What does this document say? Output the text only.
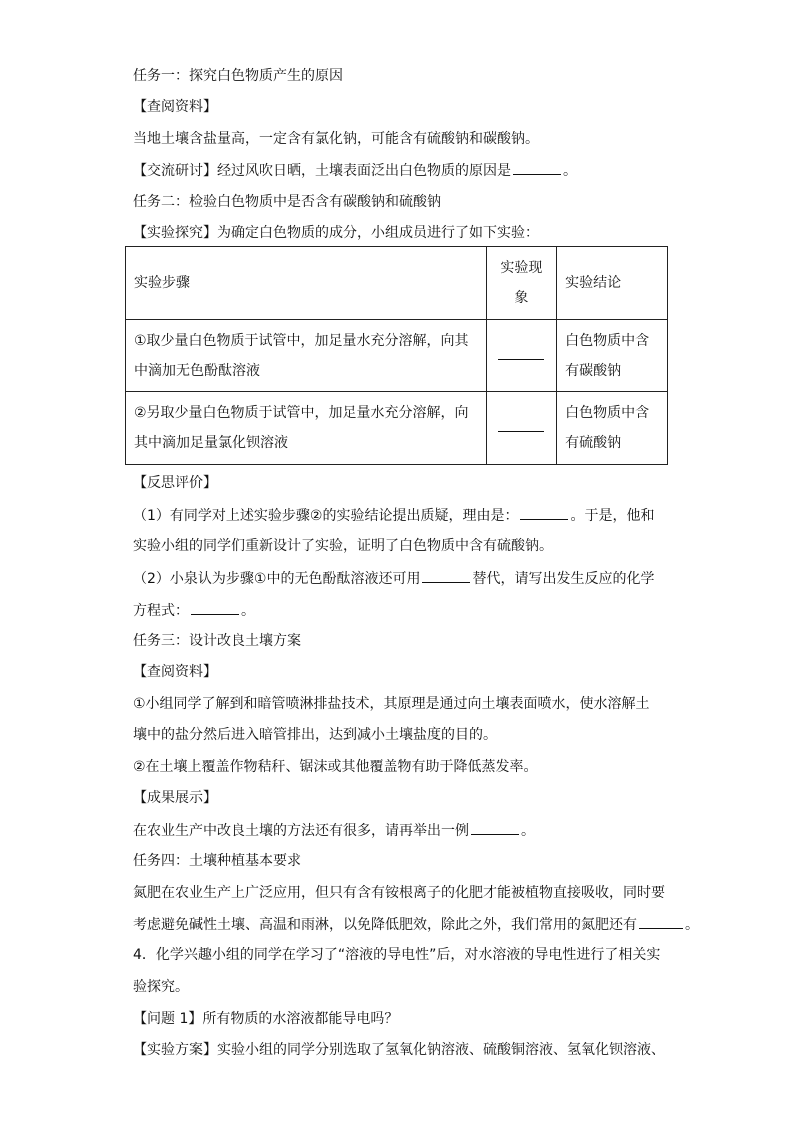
任务一：探究白色物质产生的原因
【查阅资料】
当地土壤含盐量高，一定含有氯化钠，可能含有硫酸钠和碳酸钠。
【交流研讨】经过风吹日晒，土壤表面泛出白色物质的原因是	。
任务二：检验白色物质中是否含有碳酸钠和硫酸钠
【实验探究】为确定白色物质的成分，小组成员进行了如下实验：
实验步骤	实验现象	实验结论
①取少量白色物质于试管中，加足量水充分溶解，向其中滴加无色酚酞溶液		白色物质中含有碳酸钠
②另取少量白色物质于试管中，加足量水充分溶解，向其中滴加足量氯化钡溶液		白色物质中含有硫酸钠
【反思评价】
（1）有同学对上述实验步骤②的实验结论提出质疑，理由是：	。于是，他和
实验小组的同学们重新设计了实验，证明了白色物质中含有硫酸钠。
（2）小泉认为步骤①中的无色酚酞溶液还可用	替代，请写出发生反应的化学
方程式：	。
任务三：设计改良土壤方案
【查阅资料】
①小组同学了解到和暗管喷淋排盐技术，其原理是通过向土壤表面喷水，使水溶解土
壤中的盐分然后进入暗管排出，达到减小土壤盐度的目的。
②在土壤上覆盖作物秸秆、锯沫或其他覆盖物有助于降低蒸发率。
【成果展示】
在农业生产中改良土壤的方法还有很多，请再举出一例	。
任务四：土壤种植基本要求
氮肥在农业生产上广泛应用，但只有含有铵根离子的化肥才能被植物直接吸收，同时要
考虑避免碱性土壤、高温和雨淋，以免降低肥效，除此之外，我们常用的氮肥还有	。
4．化学兴趣小组的同学在学习了“溶液的导电性”后，对水溶液的导电性进行了相关实
验探究。
【问题 1】所有物质的水溶液都能导电吗？
【实验方案】实验小组的同学分别选取了氢氧化钠溶液、硫酸铜溶液、氢氧化钡溶液、
